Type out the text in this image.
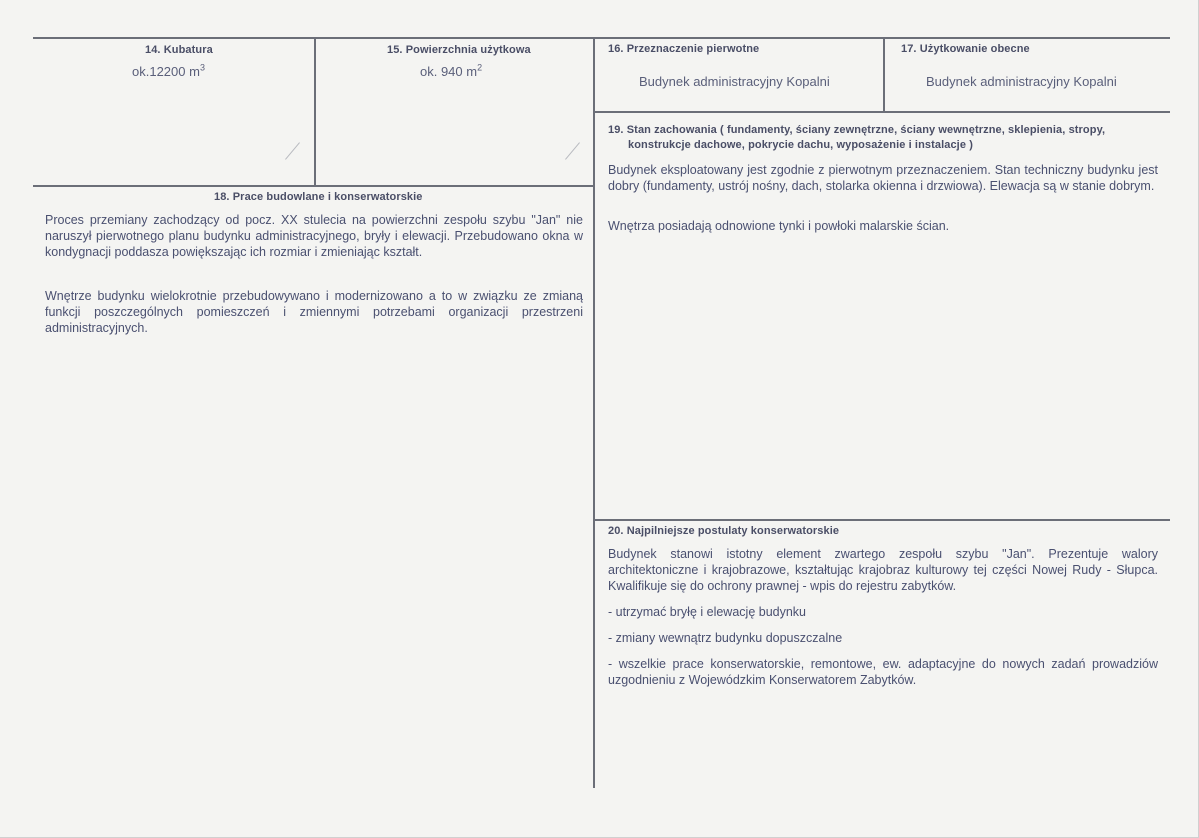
14. Kubatura
ok.12200 $m^3$
15. Powierzchnia użytkowa
ok. 940 $m^2$
16. Przeznaczenie pierwotne
Budynek administracyjny Kopalni
17. Użytkowanie obecne
Budynek administracyjny Kopalni
18. Prace budowlane i konserwatorskie

Proces przemiany zachodzący od pocz. XX stulecia na powierzchni zespołu szybu "Jan" nie naruszył pierwotnego planu budynku administracyjnego, bryły i elewacji. Przebudowano okna w kondygnacji poddasza powiększając ich rozmiar i zmieniając kształt.

Wnętrze budynku wielokrotnie przebudowywano i modernizowano a to w związku ze zmianą funkcji poszczególnych pomieszczeń i zmiennymi potrzebami organizacji przestrzeni administracyjnych.

19. Stan zachowania ( fundamenty, ściany zewnętrzne, ściany wewnętrzne, sklepienia, stropy,
konstrukcje dachowe, pokrycie dachu, wyposażenie i instalacje )

Budynek eksploatowany jest zgodnie z pierwotnym przeznaczeniem. Stan techniczny budynku jest dobry (fundamenty, ustrój nośny, dach, stolarka okienna i drzwiowa). Elewacja są w stanie dobrym.

Wnętrza posiadają odnowione tynki i powłoki malarskie ścian.

20. Najpilniejsze postulaty konserwatorskie

Budynek stanowi istotny element zwartego zespołu szybu "Jan". Prezentuje walory architektoniczne i krajobrazowe, kształtując krajobraz kulturowy tej części Nowej Rudy - Słupca. Kwalifikuje się do ochrony prawnej - wpis do rejestru zabytków.

- utrzymać bryłę i elewację budynku

- zmiany wewnątrz budynku dopuszczalne

- wszelkie prace konserwatorskie, remontowe, ew. adaptacyjne do nowych zadań prowadziów uzgodnieniu z Wojewódzkim Konserwatorem Zabytków.
